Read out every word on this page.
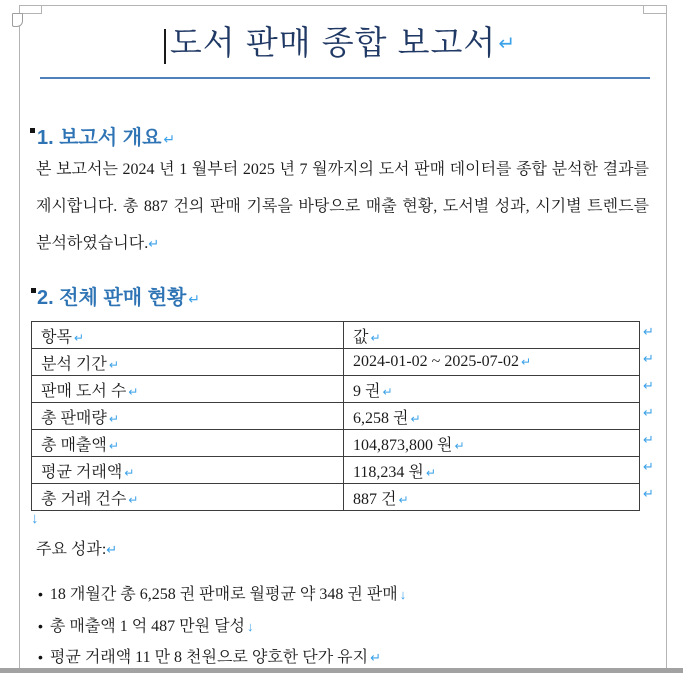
도서 판매 종합 보고서 ↵
1. 보고서 개요 ↵
본 보고서는 2024 년 1 월부터 2025 년 7 월까지의 도서 판매 데이터를 종합 분석한 결과를 제시합니다. 총 887 건의 판매 기록을 바탕으로 매출 현황, 도서별 성과, 시기별 트렌드를 분석하였습니다.↵
2. 전체 판매 현황 ↵
항목 ↵	값 ↵
분석 기간 ↵	2024-01-02 ~ 2025-07-02 ↵
판매 도서 수 ↵	9 권 ↵
총 판매량 ↵	6,258 권 ↵
총 매출액 ↵	104,873,800 원 ↵
평균 거래액 ↵	118,234 원 ↵
총 거래 건수 ↵	887 건 ↵
↵
↵
↵
↵
↵
↵
↵
↓
주요 성과:↵
• 18 개월간 총 6,258 권 판매로 월평균 약 348 권 판매 ↓
• 총 매출액 1 억 487 만원 달성 ↓
• 평균 거래액 11 만 8 천원으로 양호한 단가 유지 ↵
